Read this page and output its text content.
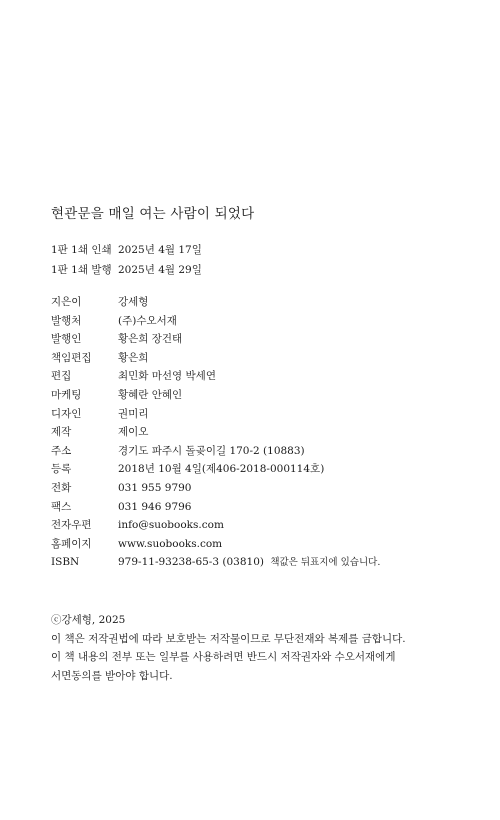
현관문을 매일 여는 사람이 되었다
1판 1쇄 인쇄 2025년 4월 17일
1판 1쇄 발행 2025년 4월 29일
지은이	강세형
발행처	(주)수오서재
발행인	황은희 장건태
책임편집	황은희
편집	최민화 마선영 박세연
마케팅	황혜란 안혜인
디자인	권미리
제작	제이오
주소	경기도 파주시 돌곶이길 170-2 (10883)
등록	2018년 10월 4일(제406-2018-000114호)
전화	031 955 9790
팩스	031 946 9796
전자우편	info@suobooks.com
홈페이지	www.suobooks.com
ISBN	979-11-93238-65-3 (03810) 책값은 뒤표지에 있습니다.
ⓒ강세형, 2025
이 책은 저작권법에 따라 보호받는 저작물이므로 무단전재와 복제를 금합니다.
이 책 내용의 전부 또는 일부를 사용하려면 반드시 저작권자와 수오서재에게
서면동의를 받아야 합니다.
